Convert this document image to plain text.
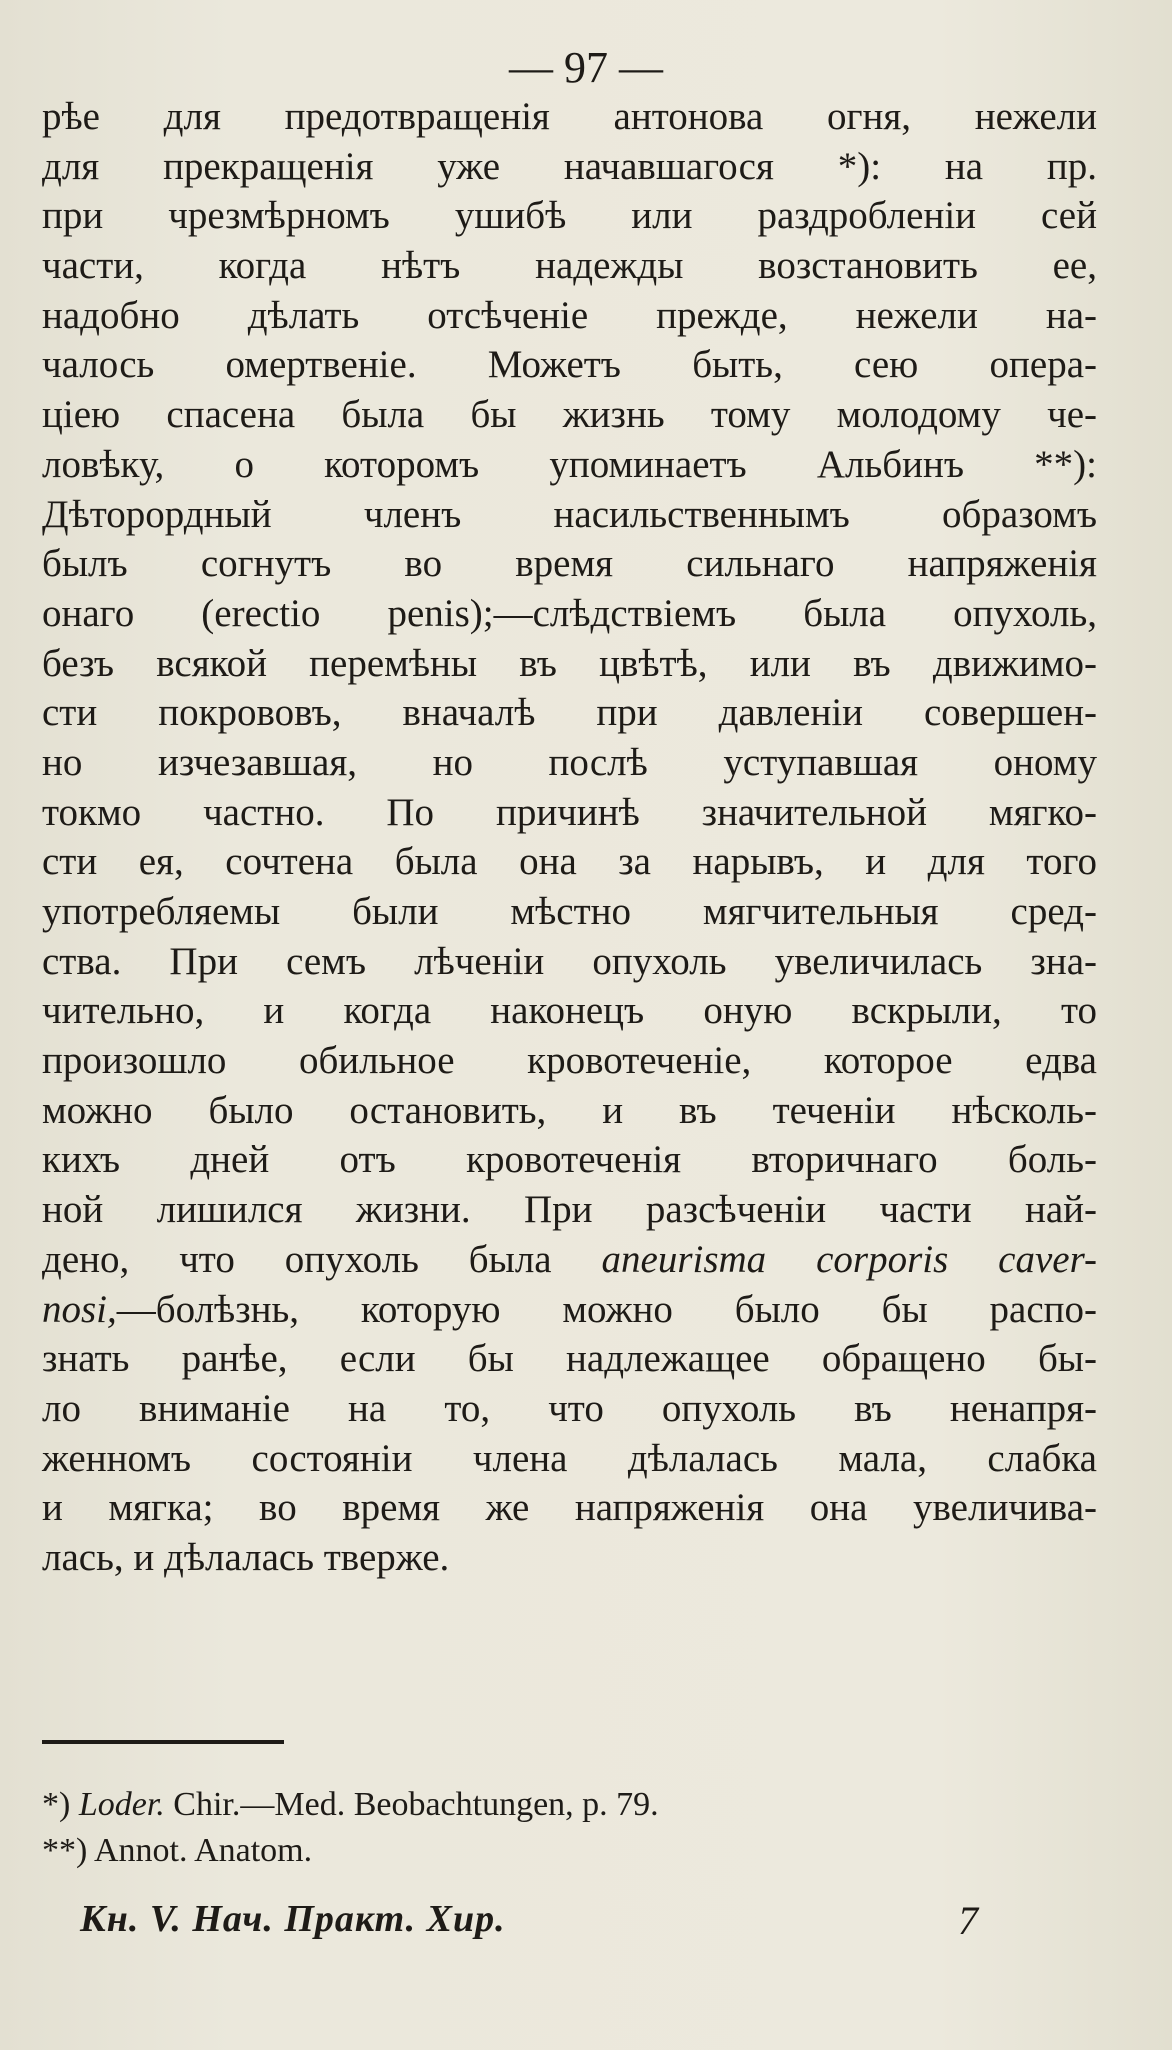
— 97 —
рѣе для предотвращенія антонова огня, нежели
для прекращенія уже начавшагося *): на пр.
при чрезмѣрномъ ушибѣ или раздробленіи сей
части, когда нѣтъ надежды возстановить ее,
надобно дѣлать отсѣченіе прежде, нежели на-
чалось омертвеніе. Можетъ быть, сею опера-
ціею спасена была бы жизнь тому молодому че-
ловѣку, о которомъ упоминаетъ Альбинъ **):
Дѣторордный членъ насильственнымъ образомъ
былъ согнутъ во время сильнаго напряженія
онаго (erectio penis);—слѣдствіемъ была опухоль,
безъ всякой перемѣны въ цвѣтѣ, или въ движимо-
сти покрововъ, вначалѣ при давленіи совершен-
но изчезавшая, но послѣ уступавшая оному
токмо частно. По причинѣ значительной мягко-
сти ея, сочтена была она за нарывъ, и для того
употребляемы были мѣстно мягчительныя сред-
ства. При семъ лѣченіи опухоль увеличилась зна-
чительно, и когда наконецъ оную вскрыли, то
произошло обильное кровотеченіе, которое едва
можно было остановить, и въ теченіи нѣсколь-
кихъ дней отъ кровотеченія вторичнаго боль-
ной лишился жизни. При разсѣченіи части най-
дено, что опухоль была aneurisma corporis caver-
nosi,—болѣзнь, которую можно было бы распо-
знать ранѣе, если бы надлежащее обращено бы-
ло вниманіе на то, что опухоль въ ненапря-
женномъ состояніи члена дѣлалась мала, слабка
и мягка; во время же напряженія она увеличива-
лась, и дѣлалась тверже.
*) Loder. Chir.—Med. Beobachtungen, p. 79.
**) Annot. Anatom.
Кн. V. Нач. Практ. Хир.	7
